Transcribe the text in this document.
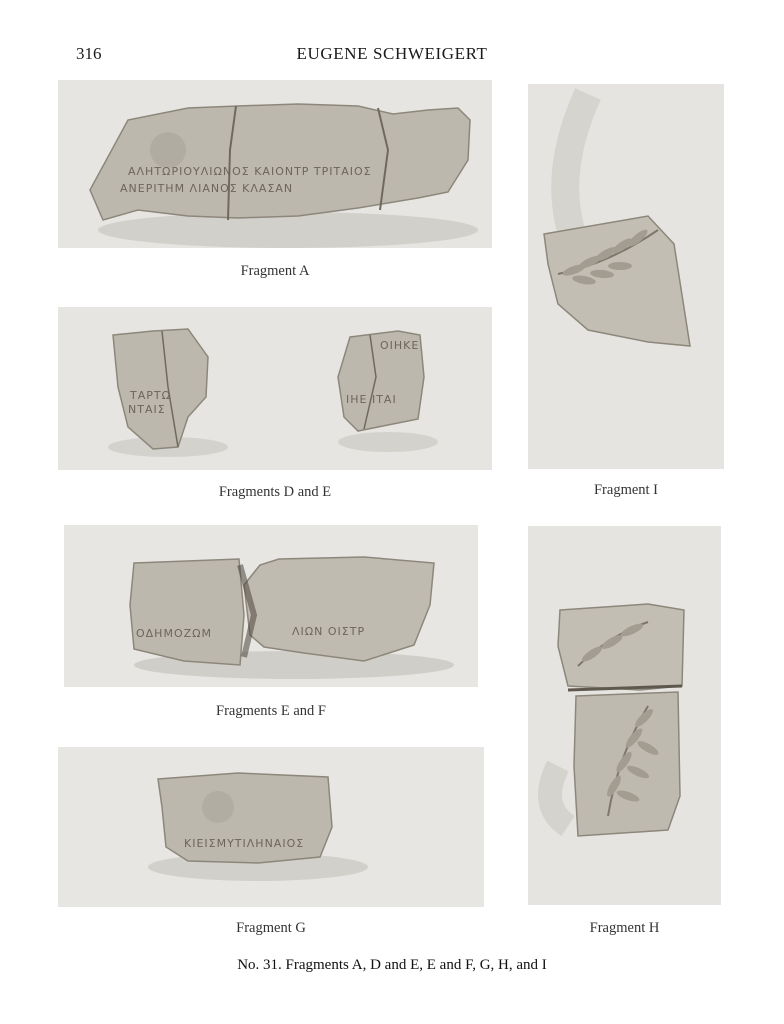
316	EUGENE SCHWEIGERT
ΑΛΗΤΩΡΙΟΥΛΙΩΝΟΣ ΚΑΙΟΝΤΡ ΤΡΙΤΑΙΟΣ
ΑΝΕΡΙΤΗΜ ΛΙΑΝΟΣ ΚΛΑΣΑΝ
Fragment A
ΤΑΡΤΩ
ΝΤΑΙΣ
ΟΙΗΚΕ
ΙΗΕ ΙΤΑΙ
Fragments D and E	Fragment I
ΟΔΗΜΟΖΩΜ	ΛΙΩΝ ΟΙΣΤΡ
Fragments E and F
Fragment H
ΚΙΕΙΣΜΥΤΙΛΗΝΑΙΟΣ
Fragment G
No. 31. Fragments A, D and E, E and F, G, H, and I
